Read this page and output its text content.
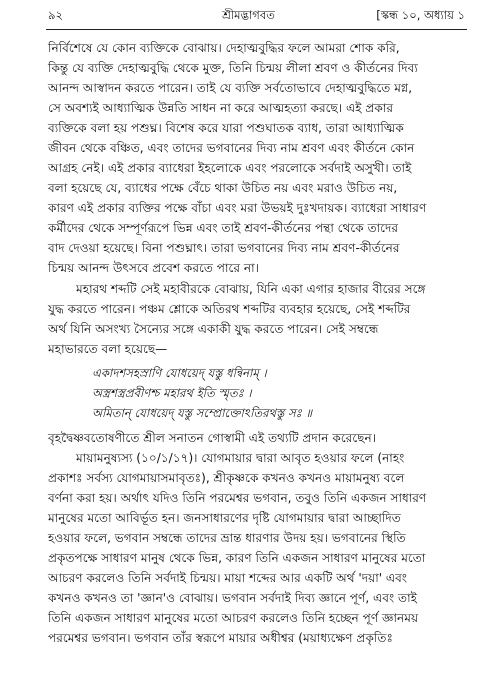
৯২	শ্রীমদ্ভাগবত	[স্কন্ধ ১০, অধ্যায় ১
নির্বিশেষে যে কোন ব্যক্তিকে বোঝায়। দেহাত্মবুদ্ধির ফলে আমরা শোক করি,
কিন্তু যে ব্যক্তি দেহাত্মবুদ্ধি থেকে মুক্ত, তিনি চিন্ময় লীলা শ্রবণ ও কীর্তনের দিব্য
আনন্দ আস্বাদন করতে পারেন। তাই যে ব্যক্তি সর্বতোভাবে দেহাত্মবুদ্ধিতে মগ্ন,
সে অবশ্যই আধ্যাত্মিক উন্নতি সাধন না করে আত্মহত্যা করছে। এই প্রকার
ব্যক্তিকে বলা হয় পশুঘ্ন। বিশেষ করে যারা পশুঘাতক ব্যাধ, তারা আধ্যাত্মিক
জীবন থেকে বঞ্চিত, এবং তাদের ভগবানের দিব্য নাম শ্রবণ এবং কীর্তনে কোন
আগ্রহ নেই। এই প্রকার ব্যাধেরা ইহলোকে এবং পরলোকে সর্বদাই অসুখী। তাই
বলা হয়েছে যে, ব্যাধের পক্ষে বেঁচে থাকা উচিত নয় এবং মরাও উচিত নয়,
কারণ এই প্রকার ব্যক্তির পক্ষে বাঁচা এবং মরা উভয়ই দুঃখদায়ক। ব্যাধেরা সাধারণ
কর্মীদের থেকে সম্পূর্ণরূপে ভিন্ন এবং তাই শ্রবণ-কীর্তনের পন্থা থেকে তাদের
বাদ দেওয়া হয়েছে। বিনা পশুঘ্নাৎ। তারা ভগবানের দিব্য নাম শ্রবণ-কীর্তনের
চিন্ময় আনন্দ উৎসবে প্রবেশ করতে পারে না।
মহারথ শব্দটি সেই মহাবীরকে বোঝায়, যিনি একা এগার হাজার বীরের সঙ্গে
যুদ্ধ করতে পারেন। পঞ্চম শ্লোকে অতিরথ শব্দটির ব্যবহার হয়েছে, সেই শব্দটির
অর্থ যিনি অসংখ্য সৈন্যের সঙ্গে একাকী যুদ্ধ করতে পারেন। সেই সম্বন্ধে
মহাভারতে বলা হয়েছে—
একাদশসহস্রাণি যোধয়েদ্ যস্তু ধন্বিনাম্ ।
অস্ত্রশস্ত্রপ্রবীণশ্চ মহারথ ইতি স্মৃতঃ ।
অমিতান্ যোধয়েদ্ যস্তু সম্প্রোক্তোঽতিরথস্তু সঃ ॥
বৃহদ্বৈষ্ণবতোষণীতে শ্রীল সনাতন গোস্বামী এই তথ্যটি প্রদান করেছেন।
মায়ামনুষ্যস্য (১০/১/১৭)। যোগমায়ার দ্বারা আবৃত হওয়ার ফলে (নাহং
প্রকাশঃ সর্বস্য যোগমায়াসমাবৃতঃ), শ্রীকৃষ্ণকে কখনও কখনও মায়ামনুষ্য বলে
বর্ণনা করা হয়। অর্থাৎ যদিও তিনি পরমেশ্বর ভগবান, তবুও তিনি একজন সাধারণ
মানুষের মতো আবির্ভূত হন। জনসাধারণের দৃষ্টি যোগমায়ার দ্বারা আচ্ছাদিত
হওয়ার ফলে, ভগবান সম্বন্ধে তাদের ভ্রান্ত ধারণার উদয় হয়। ভগবানের স্থিতি
প্রকৃতপক্ষে সাধারণ মানুষ থেকে ভিন্ন, কারণ তিনি একজন সাধারণ মানুষের মতো
আচরণ করলেও তিনি সর্বদাই চিন্ময়। মায়া শব্দের আর একটি অর্থ 'দয়া' এবং
কখনও কখনও তা 'জ্ঞান'ও বোঝায়। ভগবান সর্বদাই দিব্য জ্ঞানে পূর্ণ, এবং তাই
তিনি একজন সাধারণ মানুষের মতো আচরণ করলেও তিনি হচ্ছেন পূর্ণ জ্ঞানময়
পরমেশ্বর ভগবান। ভগবান তাঁর স্বরূপে মায়ার অধীশ্বর (ময়াধ্যক্ষেণ প্রকৃতিঃ
